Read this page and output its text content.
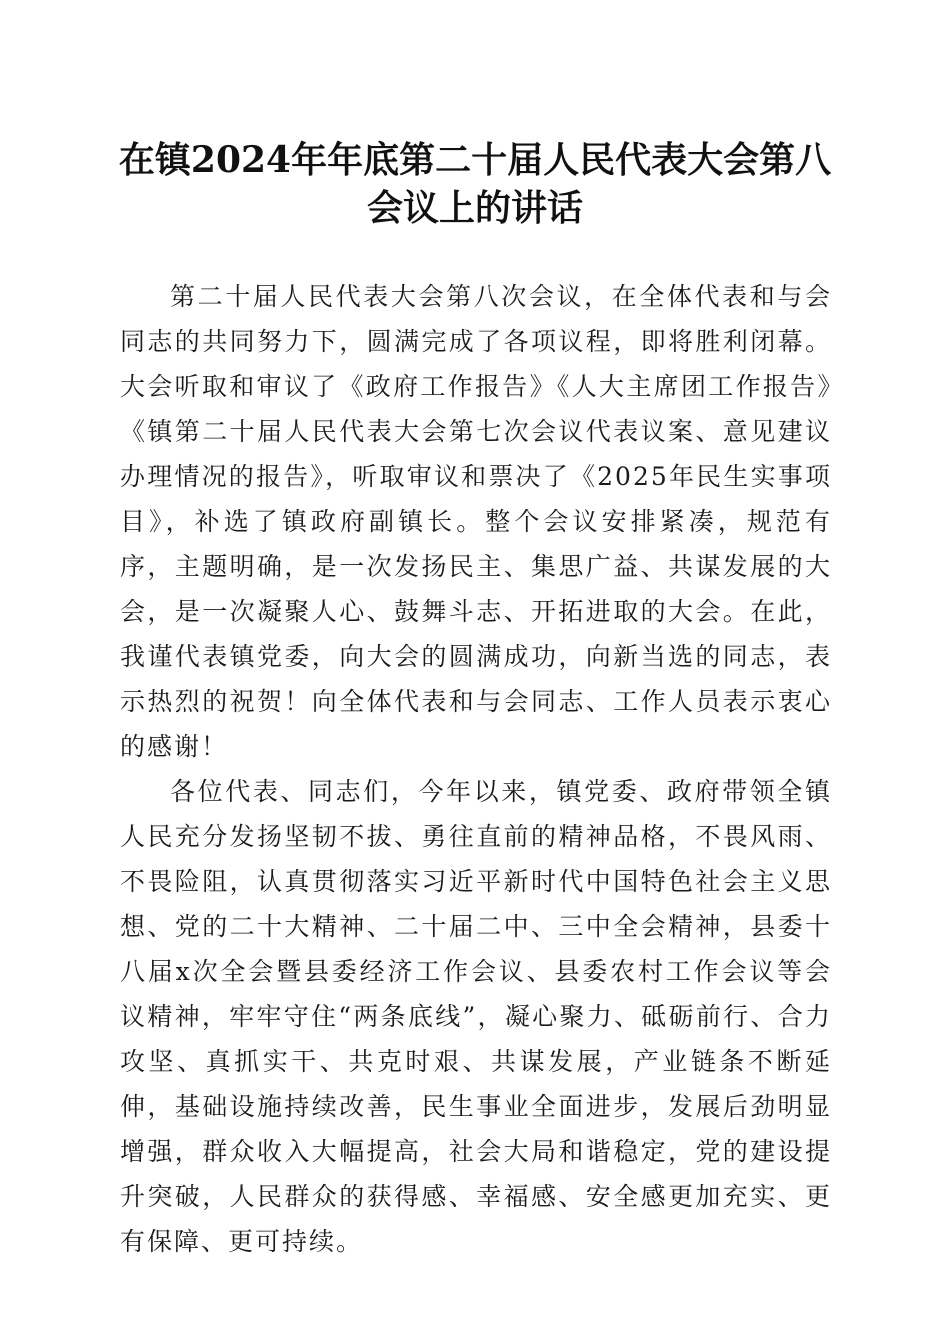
在镇2024年年底第二十届人民代表大会第八会议上的讲话

第二十届人民代表大会第八次会议，在全体代表和与会同志的共同努力下，圆满完成了各项议程，即将胜利闭幕。大会听取和审议了《政府工作报告》《人大主席团工作报告》《镇第二十届人民代表大会第七次会议代表议案、意见建议办理情况的报告》，听取审议和票决了《2025年民生实事项目》，补选了镇政府副镇长。整个会议安排紧凑，规范有序，主题明确，是一次发扬民主、集思广益、共谋发展的大会，是一次凝聚人心、鼓舞斗志、开拓进取的大会。在此，我谨代表镇党委，向大会的圆满成功，向新当选的同志，表示热烈的祝贺！向全体代表和与会同志、工作人员表示衷心的感谢！

各位代表、同志们，今年以来，镇党委、政府带领全镇人民充分发扬坚韧不拔、勇往直前的精神品格，不畏风雨、不畏险阻，认真贯彻落实习近平新时代中国特色社会主义思想、党的二十大精神、二十届二中、三中全会精神，县委十八届x次全会暨县委经济工作会议、县委农村工作会议等会议精神，牢牢守住“两条底线”，凝心聚力、砥砺前行、合力攻坚、真抓实干、共克时艰、共谋发展，产业链条不断延伸，基础设施持续改善，民生事业全面进步，发展后劲明显增强，群众收入大幅提高，社会大局和谐稳定，党的建设提升突破，人民群众的获得感、幸福感、安全感更加充实、更有保障、更可持续。
